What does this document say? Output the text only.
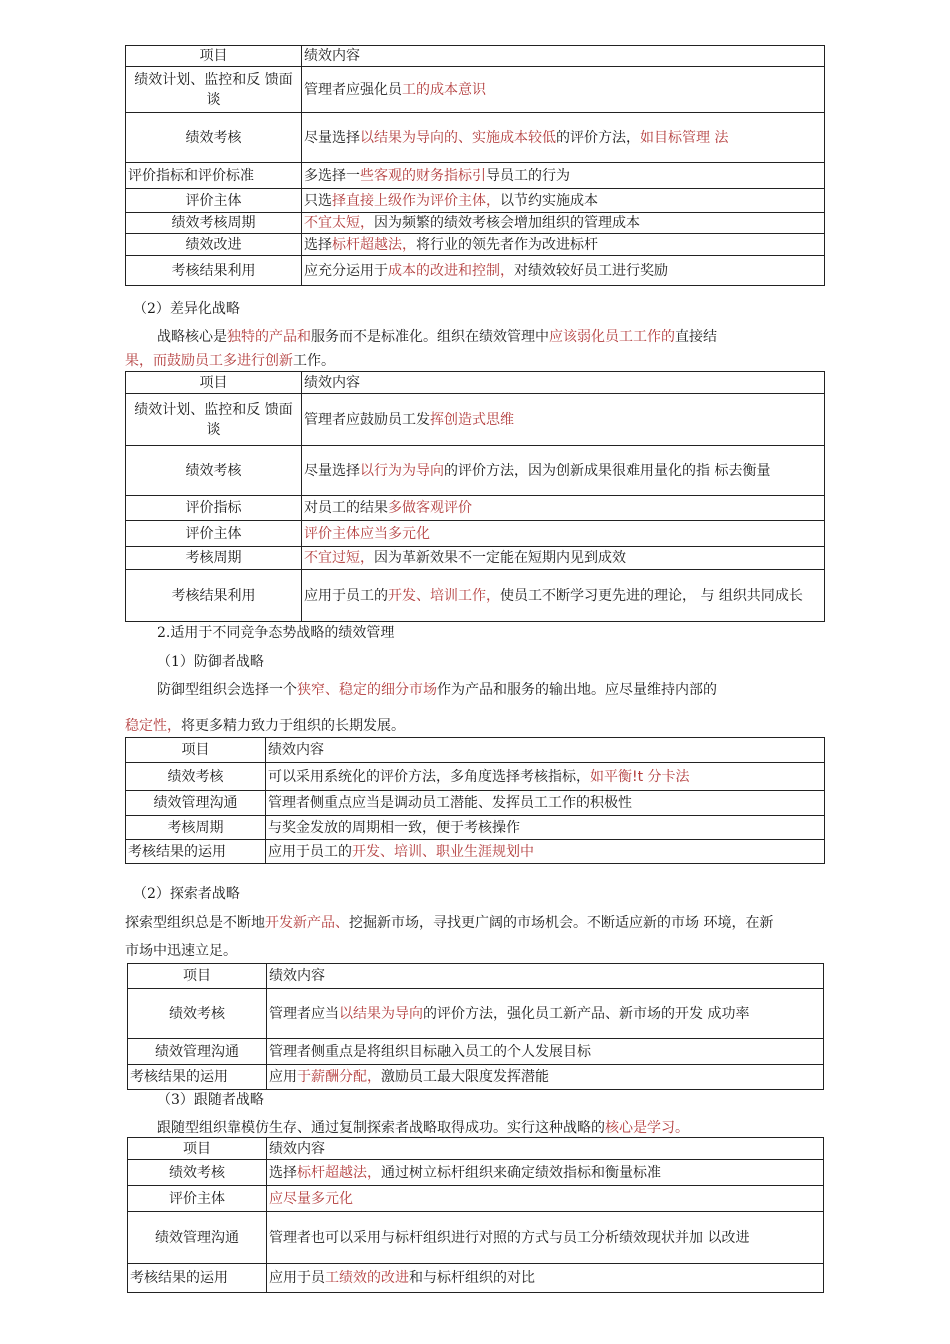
项目	绩效内容
绩效计划、监控和反 馈面谈	管理者应强化员工的成本意识
绩效考核	尽量选择以结果为导向的、实施成本较低的评价方法，如目标管理 法
评价指标和评价标准	多选择一些客观的财务指标引导员工的行为
评价主体	只选择直接上级作为评价主体，以节约实施成本
绩效考核周期	不宜太短，因为频繁的绩效考核会增加组织的管理成本
绩效改进	选择标杆超越法，将行业的领先者作为改进标杆
考核结果利用	应充分运用于成本的改进和控制，对绩效较好员工进行奖励
（2）差异化战略
战略核心是独特的产品和服务而不是标准化。组织在绩效管理中应该弱化员工工作的直接结
果，而鼓励员工多进行创新工作。
项目	绩效内容
绩效计划、监控和反 馈面谈	管理者应鼓励员工发挥创造式思维
绩效考核	尽量选择以行为为导向的评价方法，因为创新成果很难用量化的指 标去衡量
评价指标	对员工的结果多做客观评价
评价主体	评价主体应当多元化
考核周期	不宜过短，因为革新效果不一定能在短期内见到成效
考核结果利用	应用于员工的开发、培训工作，使员工不断学习更先进的理论， 与 组织共同成长
2.适用于不同竞争态势战略的绩效管理
（1）防御者战略
防御型组织会选择一个狭窄、稳定的细分市场作为产品和服务的输出地。应尽量维持内部的
稳定性，将更多精力致力于组织的长期发展。
项目	绩效内容
绩效考核	可以采用系统化的评价方法，多角度选择考核指标，如平衡!t 分卡法
绩效管理沟通	管理者侧重点应当是调动员工潜能、发挥员工工作的积极性
考核周期	与奖金发放的周期相一致，便于考核操作
考核结果的运用	应用于员工的开发、培训、职业生涯规划中
（2）探索者战略
探索型组织总是不断地开发新产品、挖掘新市场，寻找更广阔的市场机会。不断适应新的市场 环境，在新
市场中迅速立足。
项目	绩效内容
绩效考核	管理者应当以结果为导向的评价方法，强化员工新产品、新市场的开发 成功率
绩效管理沟通	管理者侧重点是将组织目标融入员工的个人发展目标
考核结果的运用	应用于薪酬分配，激励员工最大限度发挥潜能
（3）跟随者战略
跟随型组织靠模仿生存、通过复制探索者战略取得成功。实行这种战略的核心是学习。
项目	绩效内容
绩效考核	选择标杆超越法，通过树立标杆组织来确定绩效指标和衡量标准
评价主体	应尽量多元化
绩效管理沟通	管理者也可以采用与标杆组织进行对照的方式与员工分析绩效现状并加 以改进
考核结果的运用	应用于员工绩效的改进和与标杆组织的对比
